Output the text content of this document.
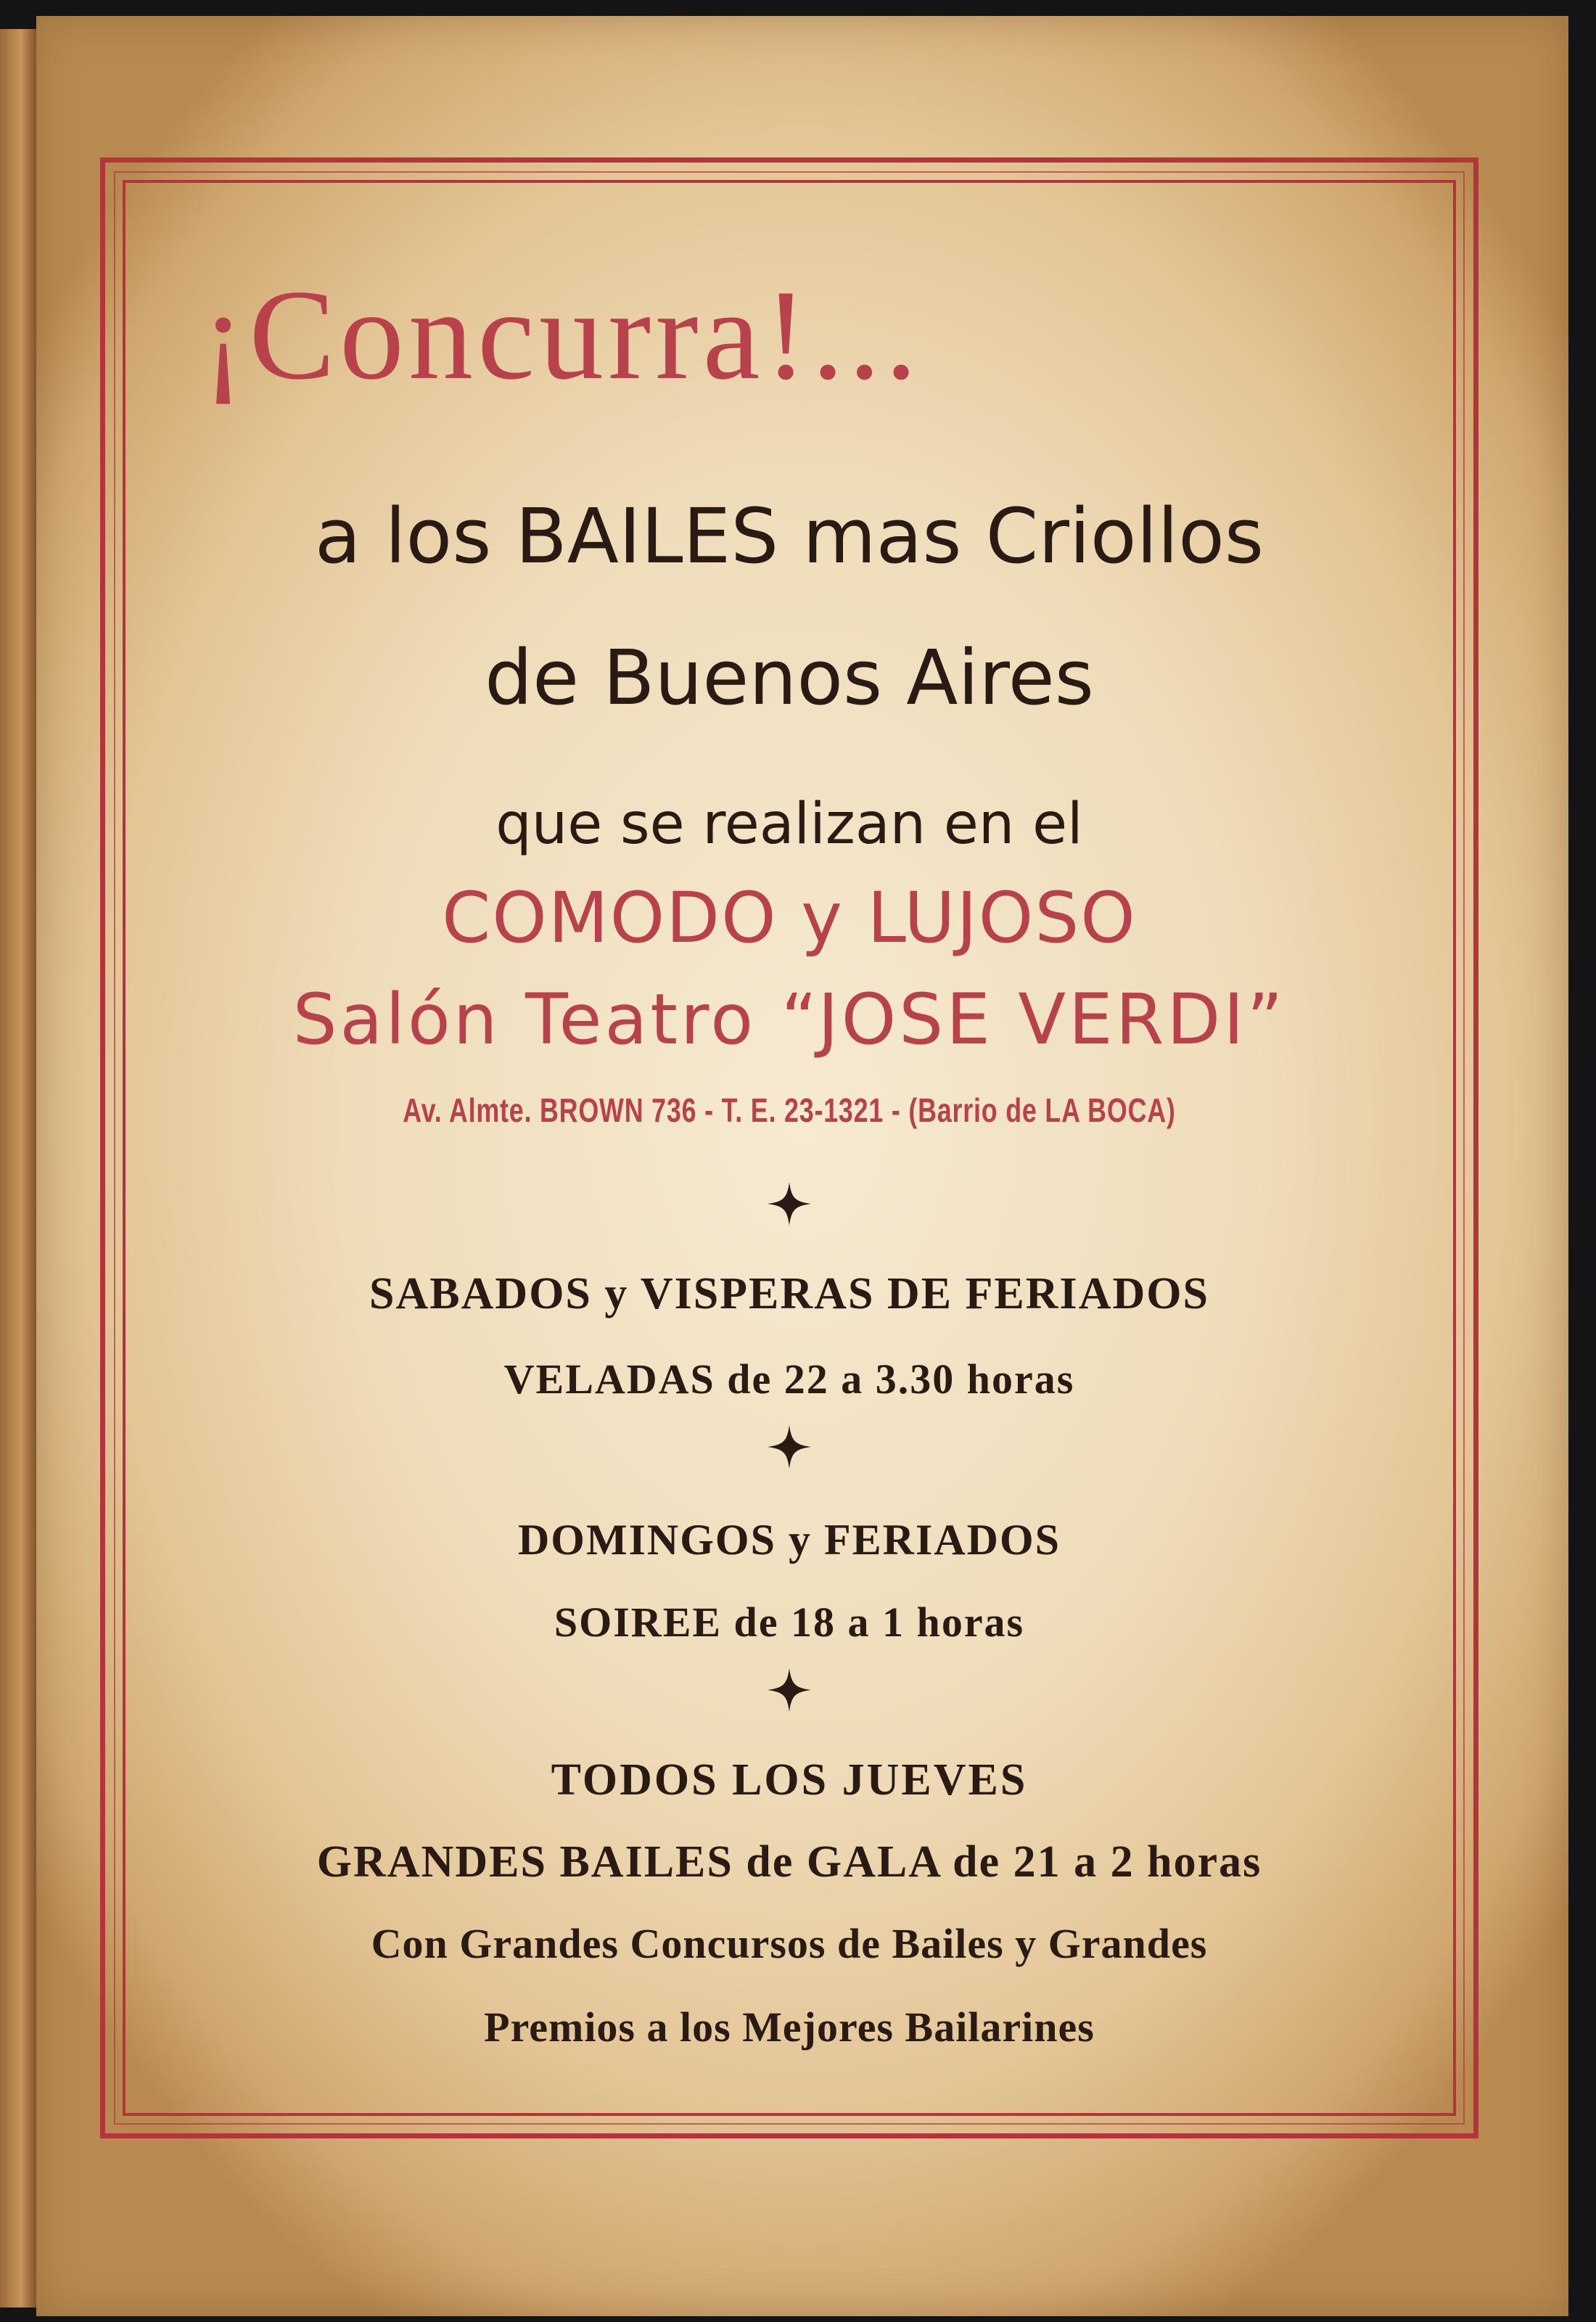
¡Concurra!...
a los BAILES mas Criollos
de Buenos Aires
que se realizan en el
COMODO y LUJOSO
Salón Teatro “JOSE VERDI”
Av. Almte. BROWN 736 - T. E. 23-1321 - (Barrio de LA BOCA)
SABADOS y VISPERAS DE FERIADOS
VELADAS de 22 a 3.30 horas
DOMINGOS y FERIADOS
SOIREE de 18 a 1 horas
TODOS LOS JUEVES
GRANDES BAILES de GALA de 21 a 2 horas
Con Grandes Concursos de Bailes y Grandes
Premios a los Mejores Bailarines
